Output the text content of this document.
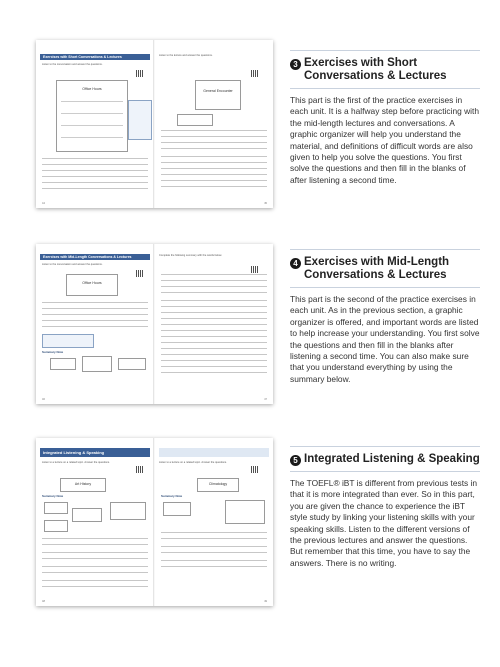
Exercises with Short Conversations & Lectures
Listen to the conversation and answer the questions.
Office Hours
44
Listen to the lecture and answer the questions.
General Encounter
45
3 Exercises with Short Conversations & Lectures
This part is the first of the practice exercises in each unit. It is a halfway step before practicing with the mid-length lectures and conversations. A graphic organizer will help you understand the material, and definitions of difficult words are also given to help you solve the questions. You first solve the questions and then fill in the blanks of after listening a second time.
Exercises with Mid-Length Conversations & Lectures
Listen to the conversation and answer the questions.
Office Hours
Summary Note
46
Complete the following summary with the words below.
47
4 Exercises with Mid-Length Conversations & Lectures
This part is the second of the practice exercises in each unit. As in the previous section, a graphic organizer is offered, and important words are listed to help increase your understanding. You first solve the questions and then fill in the blanks after listening a second time. You can also make sure that you understand everything by using the summary below.
Integrated Listening & Speaking
Listen to a lecture on a related topic. Answer the questions.
Art History
Summary Note
48
Listen to a lecture on a related topic. Answer the questions.
Climatology
Summary Note
49
5 Integrated Listening & Speaking
The TOEFL® iBT is different from previous tests in that it is more integrated than ever. So in this part, you are given the chance to experience the iBT style study by linking your listening skills with your speaking skills. Listen to the different versions of the previous lectures and answer the questions. But remember that this time, you have to say the answers. There is no writing.
